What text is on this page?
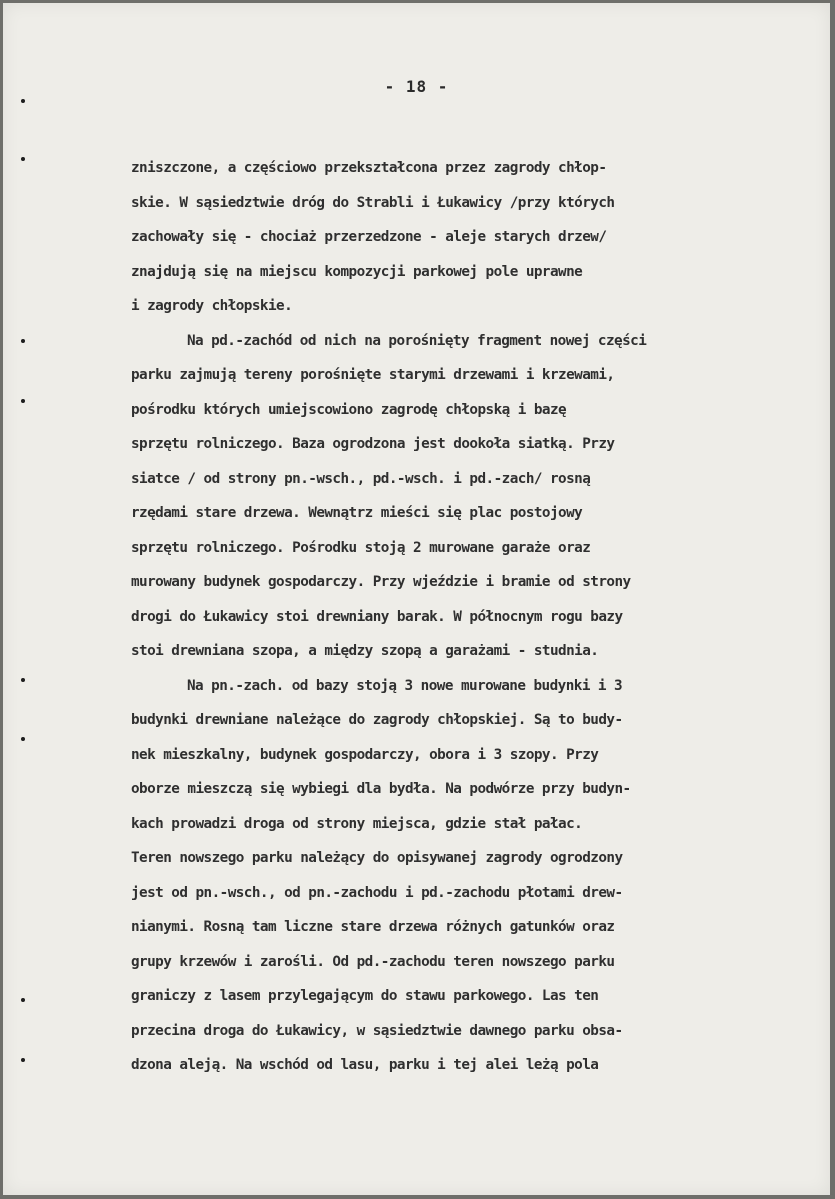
- 18 -
zniszczone, a częściowo przekształcona przez zagrody chłop-
skie. W sąsiedztwie dróg do Strabli i Łukawicy /przy których
zachowały się - chociaż przerzedzone - aleje starych drzew/
znajdują się na miejscu kompozycji parkowej pole uprawne
i zagrody chłopskie.
Na pd.-zachód od nich na porośnięty fragment nowej części
parku zajmują tereny porośnięte starymi drzewami i krzewami,
pośrodku których umiejscowiono zagrodę chłopską i bazę
sprzętu rolniczego. Baza ogrodzona jest dookoła siatką. Przy
siatce / od strony pn.-wsch., pd.-wsch. i pd.-zach/ rosną
rzędami stare drzewa. Wewnątrz mieści się plac postojowy
sprzętu rolniczego. Pośrodku stoją 2 murowane garaże oraz
murowany budynek gospodarczy. Przy wjeździe i bramie od strony
drogi do Łukawicy stoi drewniany barak. W północnym rogu bazy
stoi drewniana szopa, a między szopą a garażami - studnia.
Na pn.-zach. od bazy stoją 3 nowe murowane budynki i 3
budynki drewniane należące do zagrody chłopskiej. Są to budy-
nek mieszkalny, budynek gospodarczy, obora i 3 szopy. Przy
oborze mieszczą się wybiegi dla bydła. Na podwórze przy budyn-
kach prowadzi droga od strony miejsca, gdzie stał pałac.
Teren nowszego parku należący do opisywanej zagrody ogrodzony
jest od pn.-wsch., od pn.-zachodu i pd.-zachodu płotami drew-
nianymi. Rosną tam liczne stare drzewa różnych gatunków oraz
grupy krzewów i zarośli. Od pd.-zachodu teren nowszego parku
graniczy z lasem przylegającym do stawu parkowego. Las ten
przecina droga do Łukawicy, w sąsiedztwie dawnego parku obsa-
dzona aleją. Na wschód od lasu, parku i tej alei leżą pola
